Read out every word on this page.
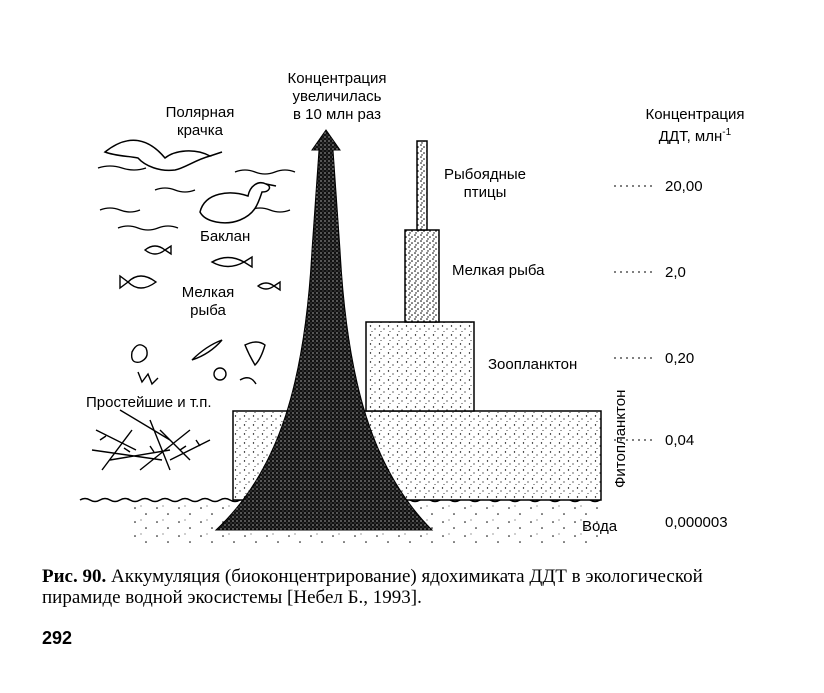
Концентрация
увеличилась
в 10 млн раз	Концентрация
ДДТ, млн$^{-1}$
Полярная
крачка
Баклан
Мелкая
рыба
Простейшие и т.п.
Рыбоядные
птицы
Мелкая рыба
Зоопланктон
Фитопланктон
Вода
20,00
2,0
0,20
0,04
0,000003
Рис. 90. Аккумуляция (биоконцентрирование) ядохимиката ДДТ в экологической пирамиде водной экосистемы [Небел Б., 1993].
292
